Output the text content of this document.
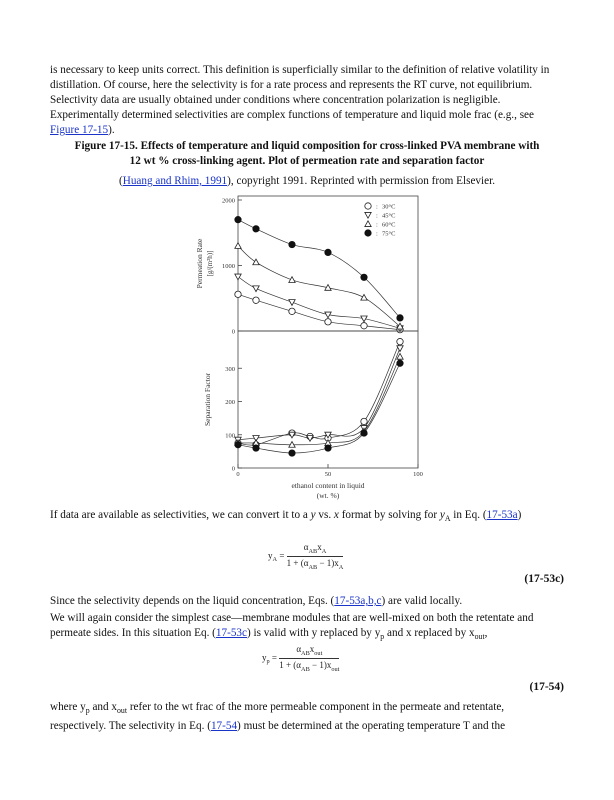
is necessary to keep units correct. This definition is superficially similar to the definition of relative volatility in distillation. Of course, here the selectivity is for a rate process and represents the RT curve, not equilibrium. Selectivity data are usually obtained under conditions where concentration polarization is negligible. Experimentally determined selectivities are complex functions of temperature and liquid mole frac (e.g., see Figure 17-15).

Figure 17-15. Effects of temperature and liquid composition for cross-linked PVA membrane with
12 wt % cross-linking agent. Plot of permeation rate and separation factor

(Huang and Rhim, 1991), copyright 1991. Reprinted with permission from Elsevier.

0
1000
2000
Permeation Rate [g/(m²h)]
0
100
200
300
Separation Factor
0	50	100
ethanol content in liquid
(wt. %)
: 30°C
: 45°C
: 60°C
: 75°C

If data are available as selectivities, we can convert it to a y vs. x format by solving for $y_A$ in Eq. (17-53a)

$y_A = \frac{\alpha_{AB}x_A}{1 + (\alpha_{AB} - 1)x_A}$
(17-53c)

Since the selectivity depends on the liquid concentration, Eqs. (17-53a,b,c) are valid locally.

We will again consider the simplest case—membrane modules that are well-mixed on both the retentate and permeate sides. In this situation Eq. (17-53c) is valid with y replaced by $y_p$ and x replaced by $x_{out}$,

$y_p = \frac{\alpha_{AB}x_{out}}{1 + (\alpha_{AB} - 1)x_{out}}$
(17-54)

where $y_p$ and $x_{out}$ refer to the wt frac of the more permeable component in the permeate and retentate,

respectively. The selectivity in Eq. (17-54) must be determined at the operating temperature T and the
